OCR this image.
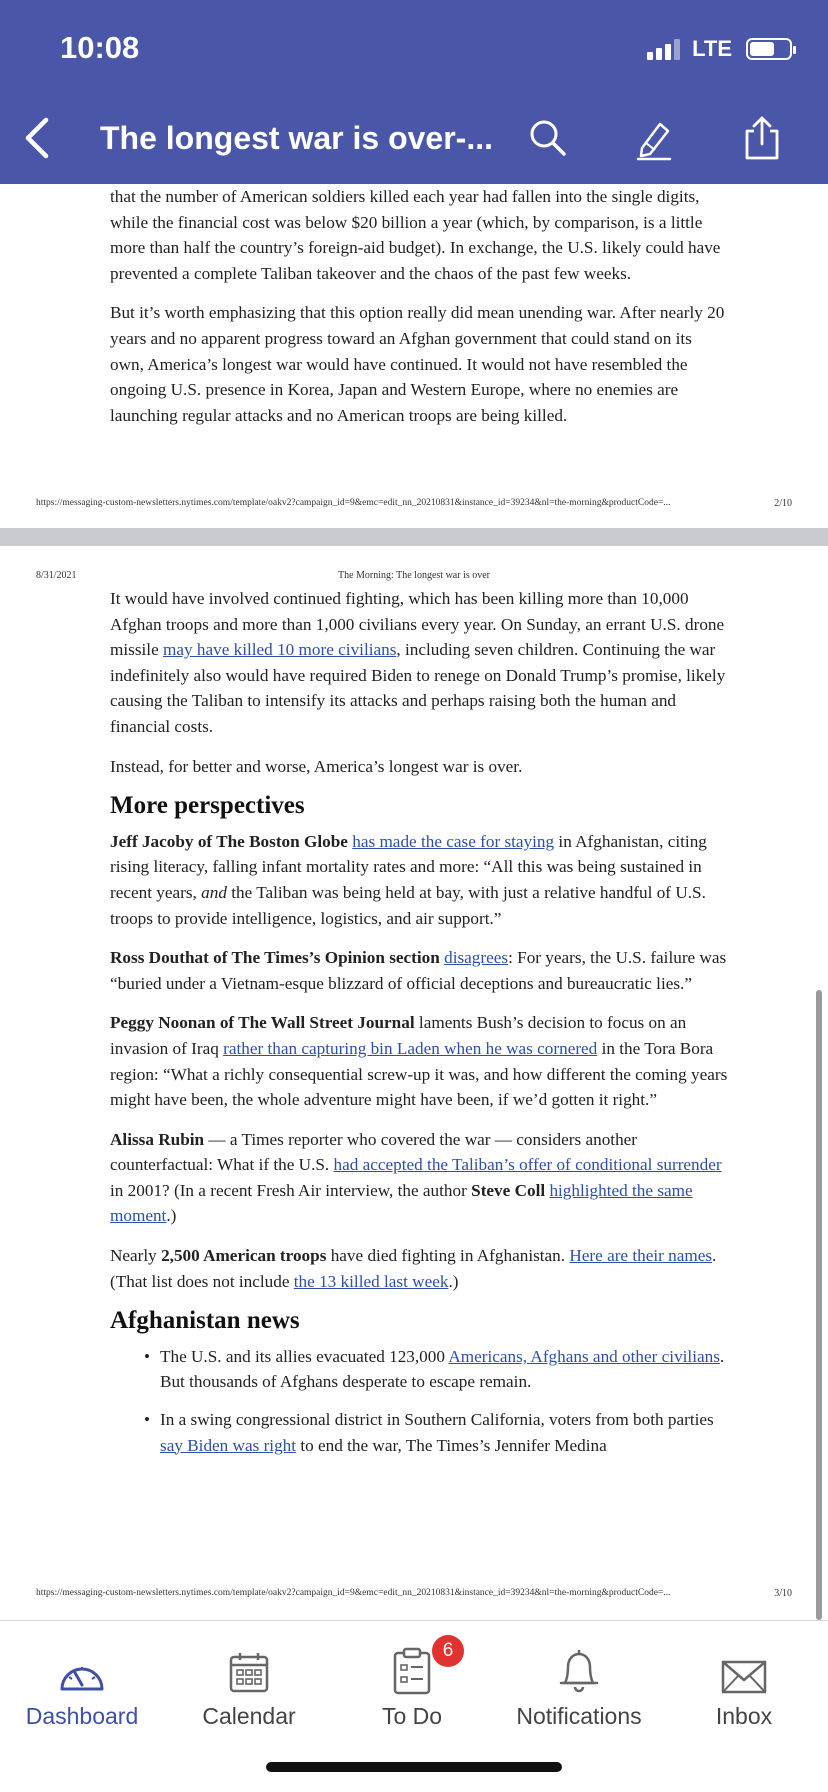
10:08	LTE
The longest war is over-...

that the number of American soldiers killed each year had fallen into the single digits, while the financial cost was below $20 billion a year (which, by comparison, is a little more than half the country’s foreign-aid budget). In exchange, the U.S. likely could have prevented a complete Taliban takeover and the chaos of the past few weeks.

But it’s worth emphasizing that this option really did mean unending war. After nearly 20 years and no apparent progress toward an Afghan government that could stand on its own, America’s longest war would have continued. It would not have resembled the ongoing U.S. presence in Korea, Japan and Western Europe, where no enemies are launching regular attacks and no American troops are being killed.

https://messaging-custom-newsletters.nytimes.com/template/oakv2?campaign_id=9&emc=edit_nn_20210831&instance_id=39234&nl=the-morning&productCode=...	2/10
8/31/2021	The Morning: The longest war is over

It would have involved continued fighting, which has been killing more than 10,000 Afghan troops and more than 1,000 civilians every year. On Sunday, an errant U.S. drone missile may have killed 10 more civilians, including seven children. Continuing the war indefinitely also would have required Biden to renege on Donald Trump’s promise, likely causing the Taliban to intensify its attacks and perhaps raising both the human and financial costs.

Instead, for better and worse, America’s longest war is over.

More perspectives

Jeff Jacoby of The Boston Globe has made the case for staying in Afghanistan, citing rising literacy, falling infant mortality rates and more: “All this was being sustained in recent years, and the Taliban was being held at bay, with just a relative handful of U.S. troops to provide intelligence, logistics, and air support.”

Ross Douthat of The Times’s Opinion section disagrees: For years, the U.S. failure was “buried under a Vietnam-esque blizzard of official deceptions and bureaucratic lies.”

Peggy Noonan of The Wall Street Journal laments Bush’s decision to focus on an invasion of Iraq rather than capturing bin Laden when he was cornered in the Tora Bora region: “What a richly consequential screw-up it was, and how different the coming years might have been, the whole adventure might have been, if we’d gotten it right.”

Alissa Rubin — a Times reporter who covered the war — considers another counterfactual: What if the U.S. had accepted the Taliban’s offer of conditional surrender in 2001? (In a recent Fresh Air interview, the author Steve Coll highlighted the same moment.)

Nearly 2,500 American troops have died fighting in Afghanistan. Here are their names. (That list does not include the 13 killed last week.)

Afghanistan news
• The U.S. and its allies evacuated 123,000 Americans, Afghans and other civilians. But thousands of Afghans desperate to escape remain.
• In a swing congressional district in Southern California, voters from both parties say Biden was right to end the war, The Times’s Jennifer Medina
https://messaging-custom-newsletters.nytimes.com/template/oakv2?campaign_id=9&emc=edit_nn_20210831&instance_id=39234&nl=the-morning&productCode=...	3/10
Dashboard	Calendar	To Do
6
Notifications	Inbox
